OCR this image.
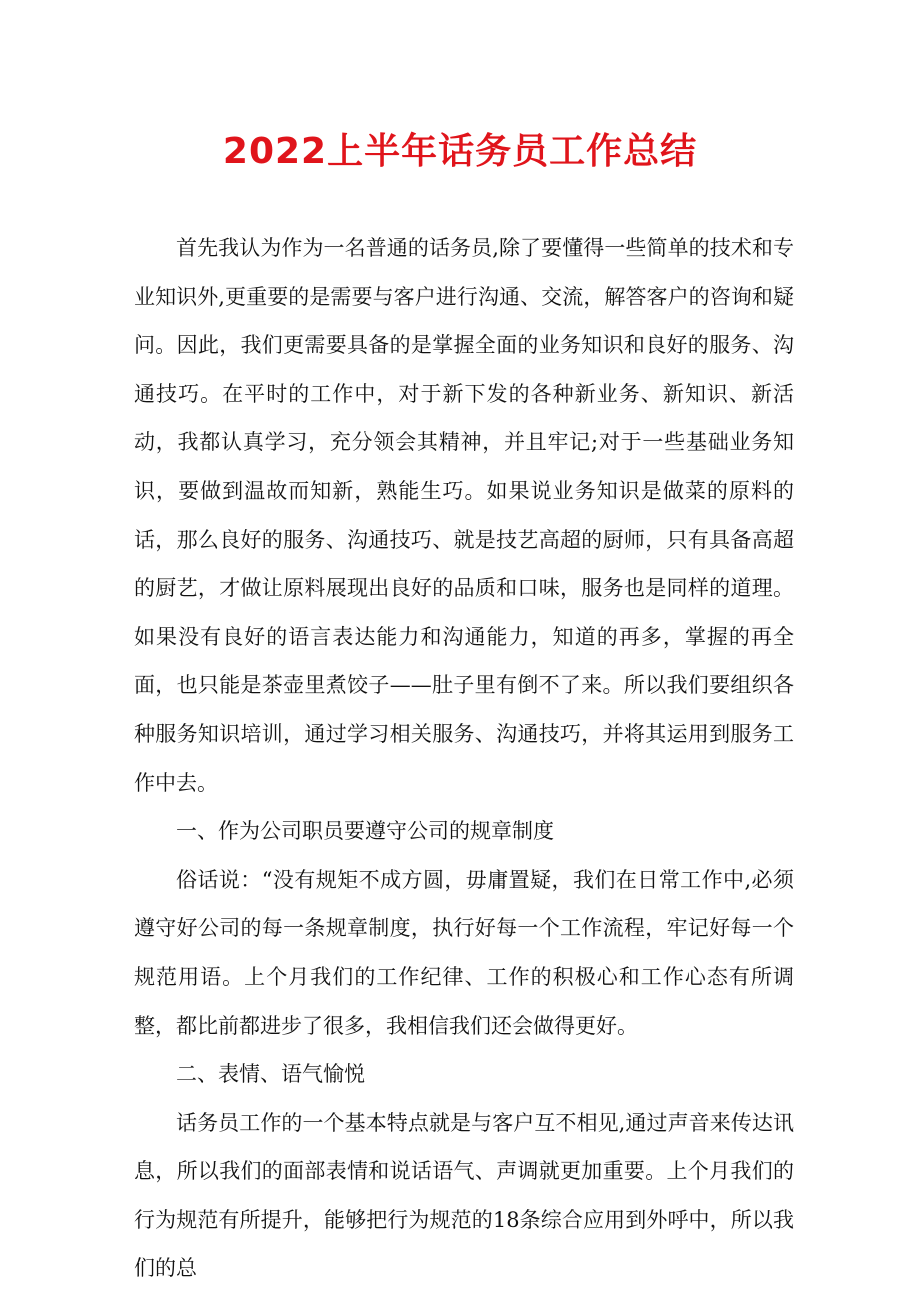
2022上半年话务员工作总结

首先我认为作为一名普通的话务员,除了要懂得一些简单的技术和专业知识外,更重要的是需要与客户进行沟通、交流，解答客户的咨询和疑问。因此，我们更需要具备的是掌握全面的业务知识和良好的服务、沟通技巧。在平时的工作中，对于新下发的各种新业务、新知识、新活动，我都认真学习，充分领会其精神，并且牢记;对于一些基础业务知识，要做到温故而知新，熟能生巧。如果说业务知识是做菜的原料的话，那么良好的服务、沟通技巧、就是技艺高超的厨师，只有具备高超的厨艺，才做让原料展现出良好的品质和口味，服务也是同样的道理。如果没有良好的语言表达能力和沟通能力，知道的再多，掌握的再全面，也只能是茶壶里煮饺子——肚子里有倒不了来。所以我们要组织各种服务知识培训，通过学习相关服务、沟通技巧，并将其运用到服务工作中去。

一、作为公司职员要遵守公司的规章制度

俗话说：“没有规矩不成方圆，毋庸置疑，我们在日常工作中,必须遵守好公司的每一条规章制度，执行好每一个工作流程，牢记好每一个规范用语。上个月我们的工作纪律、工作的积极心和工作心态有所调整，都比前都进步了很多，我相信我们还会做得更好。

二、表情、语气愉悦

话务员工作的一个基本特点就是与客户互不相见,通过声音来传达讯息，所以我们的面部表情和说话语气、声调就更加重要。上个月我们的行为规范有所提升，能够把行为规范的18条综合应用到外呼中，所以我们的总
